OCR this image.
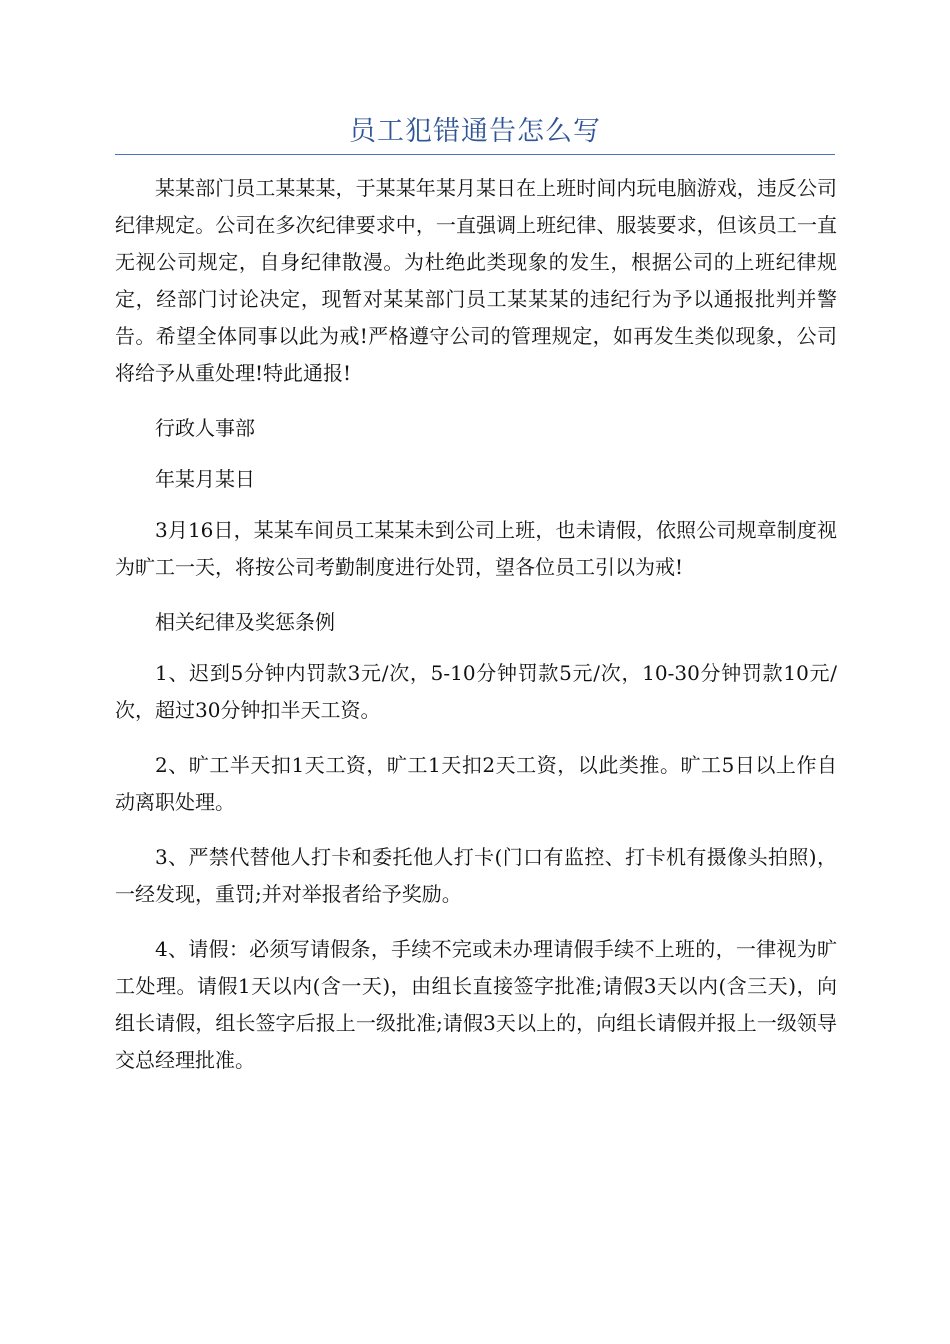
员工犯错通告怎么写

某某部门员工某某某，于某某年某月某日在上班时间内玩电脑游戏，违反公司纪律规定。公司在多次纪律要求中，一直强调上班纪律、服装要求，但该员工一直无视公司规定，自身纪律散漫。为杜绝此类现象的发生，根据公司的上班纪律规定，经部门讨论决定，现暂对某某部门员工某某某的违纪行为予以通报批判并警告。希望全体同事以此为戒!严格遵守公司的管理规定，如再发生类似现象，公司将给予从重处理!特此通报!

行政人事部

年某月某日

3月16日，某某车间员工某某未到公司上班，也未请假，依照公司规章制度视为旷工一天，将按公司考勤制度进行处罚，望各位员工引以为戒!

相关纪律及奖惩条例

1、迟到5分钟内罚款3元/次，5-10分钟罚款5元/次，10-30分钟罚款10元/次，超过30分钟扣半天工资。

2、旷工半天扣1天工资，旷工1天扣2天工资，以此类推。旷工5日以上作自动离职处理。

3、严禁代替他人打卡和委托他人打卡(门口有监控、打卡机有摄像头拍照)，一经发现，重罚;并对举报者给予奖励。

4、请假：必须写请假条，手续不完或未办理请假手续不上班的，一律视为旷工处理。请假1天以内(含一天)，由组长直接签字批准;请假3天以内(含三天)，向组长请假，组长签字后报上一级批准;请假3天以上的，向组长请假并报上一级领导交总经理批准。
